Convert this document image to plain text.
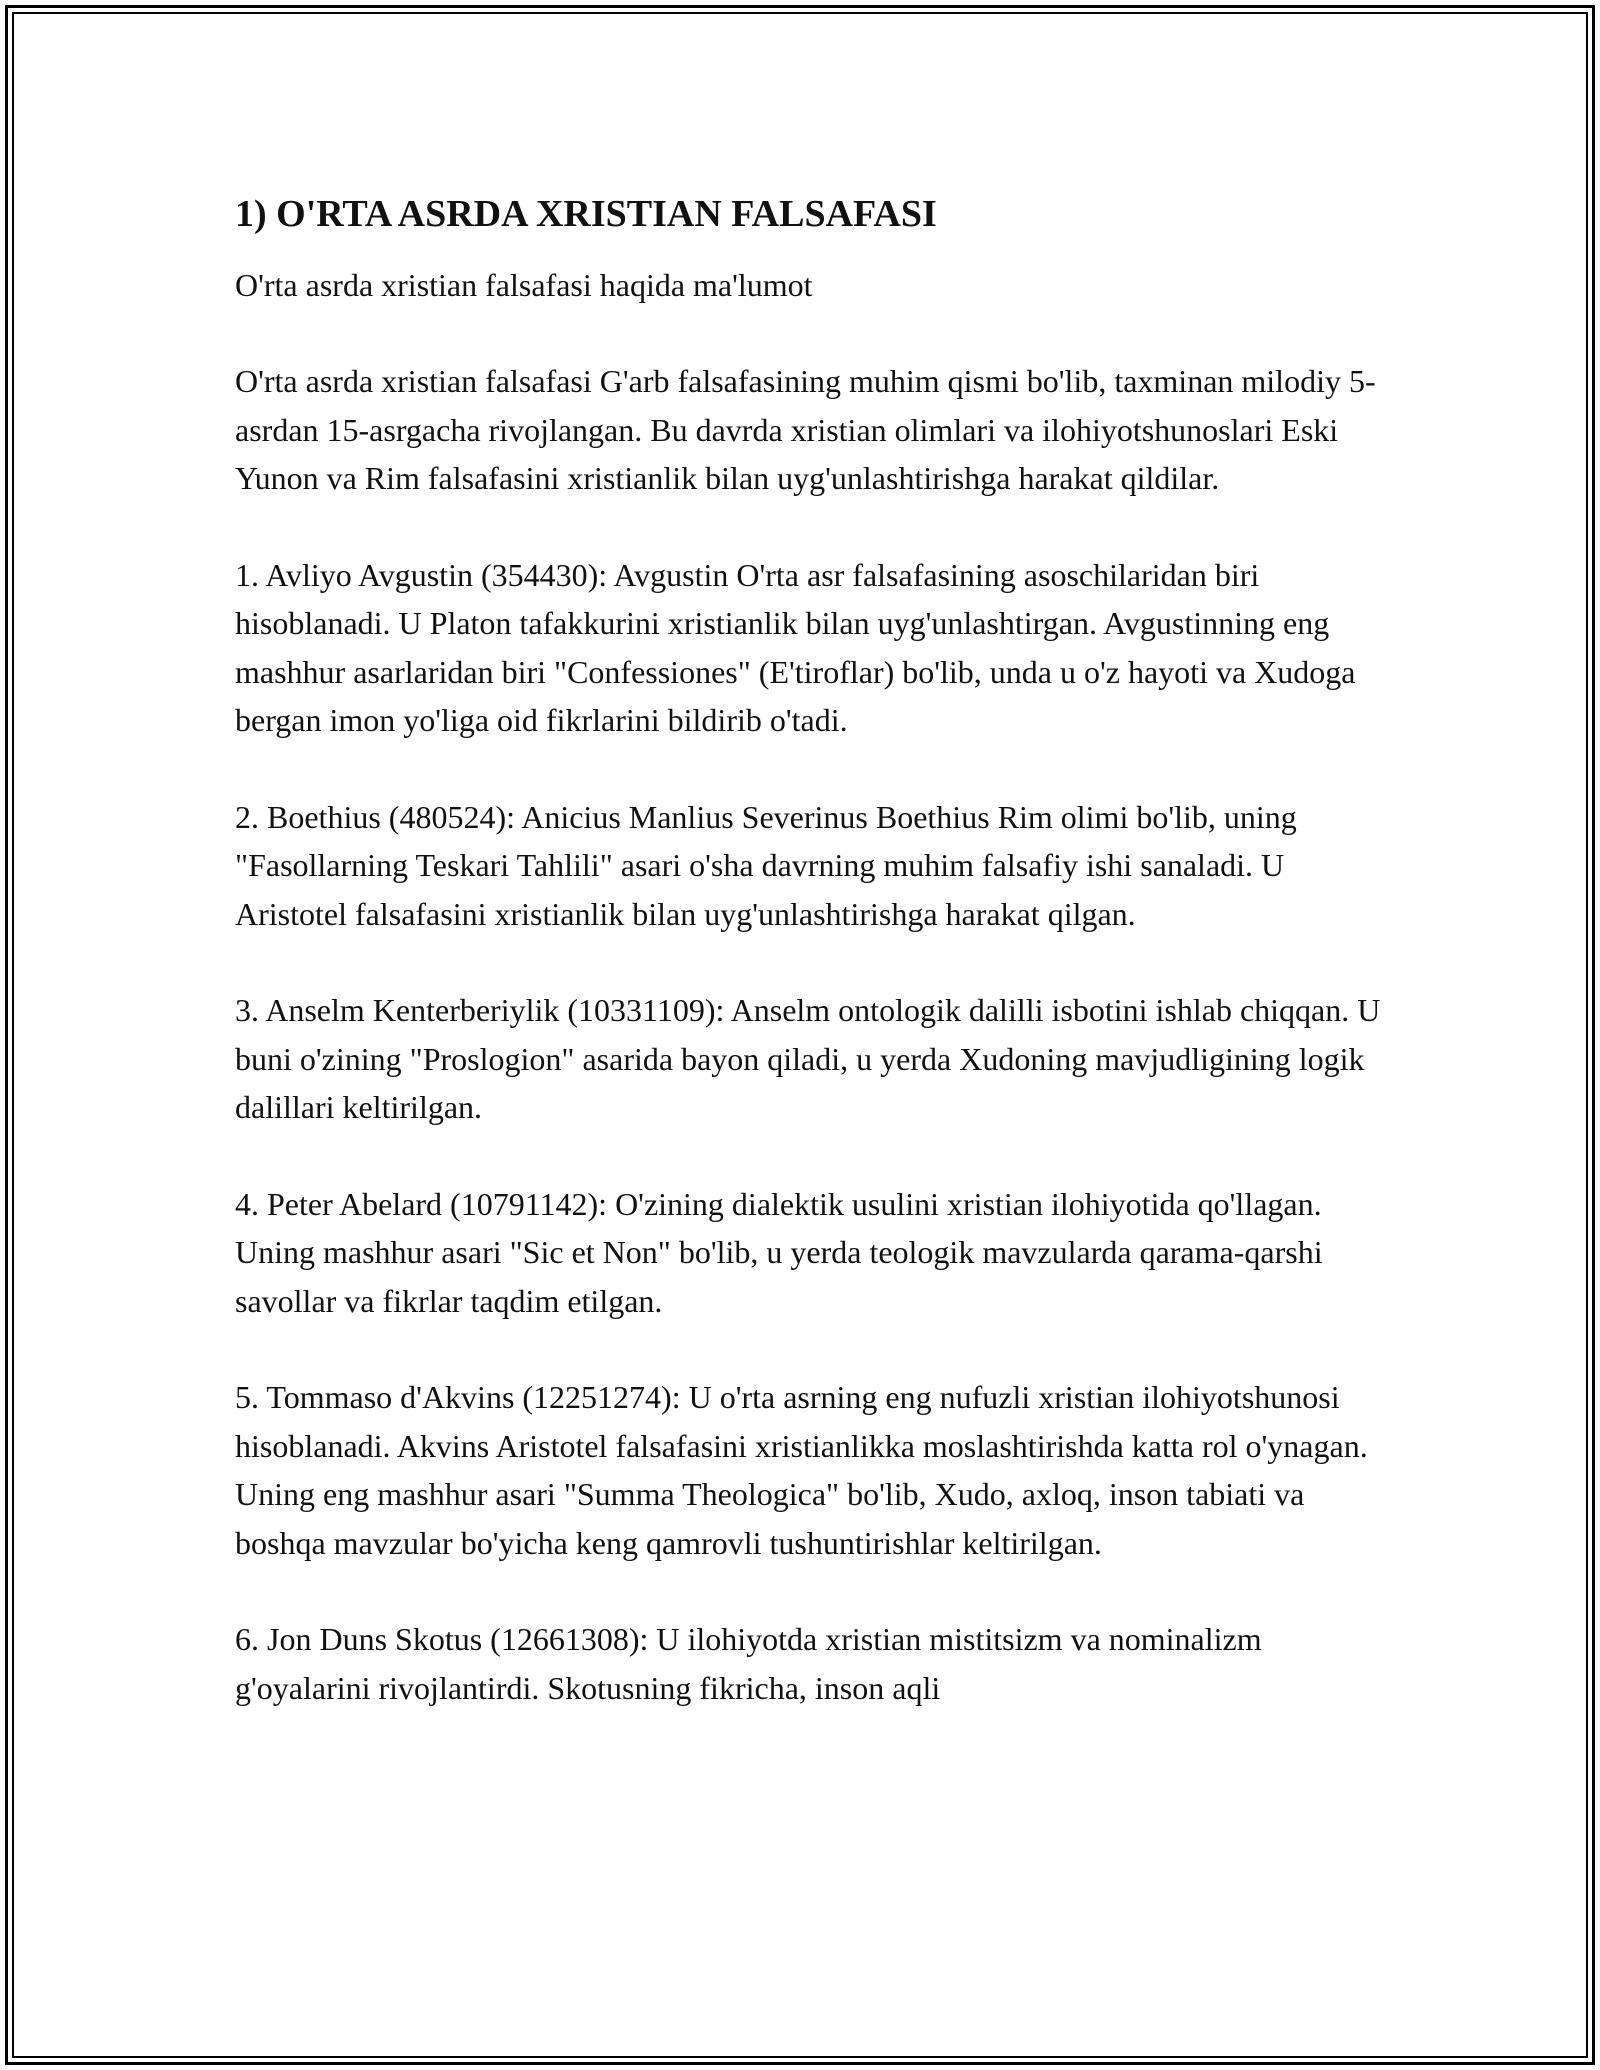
1) O'RTA ASRDA XRISTIAN FALSAFASI

O'rta asrda xristian falsafasi haqida ma'lumot

O'rta asrda xristian falsafasi G'arb falsafasining muhim qismi bo'lib, taxminan milodiy 5-asrdan 15-asrgacha rivojlangan. Bu davrda xristian olimlari va ilohiyotshunoslari Eski Yunon va Rim falsafasini xristianlik bilan uyg'unlashtirishga harakat qildilar.

1. Avliyo Avgustin (354430): Avgustin O'rta asr falsafasining asoschilaridan biri hisoblanadi. U Platon tafakkurini xristianlik bilan uyg'unlashtirgan. Avgustinning eng mashhur asarlaridan biri "Confessiones" (E'tiroflar) bo'lib, unda u o'z hayoti va Xudoga bergan imon yo'liga oid fikrlarini bildirib o'tadi.

2. Boethius (480524): Anicius Manlius Severinus Boethius Rim olimi bo'lib, uning "Fasollarning Teskari Tahlili" asari o'sha davrning muhim falsafiy ishi sanaladi. U Aristotel falsafasini xristianlik bilan uyg'unlashtirishga harakat qilgan.

3. Anselm Kenterberiylik (10331109): Anselm ontologik dalilli isbotini ishlab chiqqan. U buni o'zining "Proslogion" asarida bayon qiladi, u yerda Xudoning mavjudligining logik dalillari keltirilgan.

4. Peter Abelard (10791142): O'zining dialektik usulini xristian ilohiyotida qo'llagan. Uning mashhur asari "Sic et Non" bo'lib, u yerda teologik mavzularda qarama-qarshi savollar va fikrlar taqdim etilgan.

5. Tommaso d'Akvins (12251274): U o'rta asrning eng nufuzli xristian ilohiyotshunosi hisoblanadi. Akvins Aristotel falsafasini xristianlikka moslashtirishda katta rol o'ynagan. Uning eng mashhur asari "Summa Theologica" bo'lib, Xudo, axloq, inson tabiati va boshqa mavzular bo'yicha keng qamrovli tushuntirishlar keltirilgan.

6. Jon Duns Skotus (12661308): U ilohiyotda xristian mistitsizm va nominalizm g'oyalarini rivojlantirdi. Skotusning fikricha, inson aqli
